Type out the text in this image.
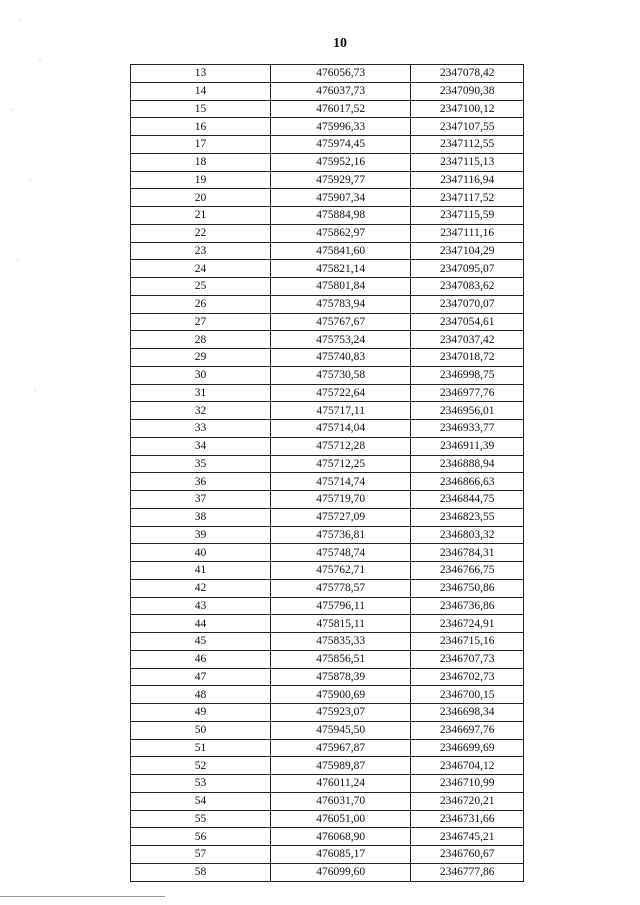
10
13	476056,73	2347078,42
14	476037,73	2347090,38
15	476017,52	2347100,12
16	475996,33	2347107,55
17	475974,45	2347112,55
18	475952,16	2347115,13
19	475929,77	2347116,94
20	475907,34	2347117,52
21	475884,98	2347115,59
22	475862,97	2347111,16
23	475841,60	2347104,29
24	475821,14	2347095,07
25	475801,84	2347083,62
26	475783,94	2347070,07
27	475767,67	2347054,61
28	475753,24	2347037,42
29	475740,83	2347018,72
30	475730,58	2346998,75
31	475722,64	2346977,76
32	475717,11	2346956,01
33	475714,04	2346933,77
34	475712,28	2346911,39
35	475712,25	2346888,94
36	475714,74	2346866,63
37	475719,70	2346844,75
38	475727,09	2346823,55
39	475736,81	2346803,32
40	475748,74	2346784,31
41	475762,71	2346766,75
42	475778,57	2346750,86
43	475796,11	2346736,86
44	475815,11	2346724,91
45	475835,33	2346715,16
46	475856,51	2346707,73
47	475878,39	2346702,73
48	475900,69	2346700,15
49	475923,07	2346698,34
50	475945,50	2346697,76
51	475967,87	2346699,69
52	475989,87	2346704,12
53	476011,24	2346710,99
54	476031,70	2346720,21
55	476051,00	2346731,66
56	476068,90	2346745,21
57	476085,17	2346760,67
58	476099,60	2346777,86
